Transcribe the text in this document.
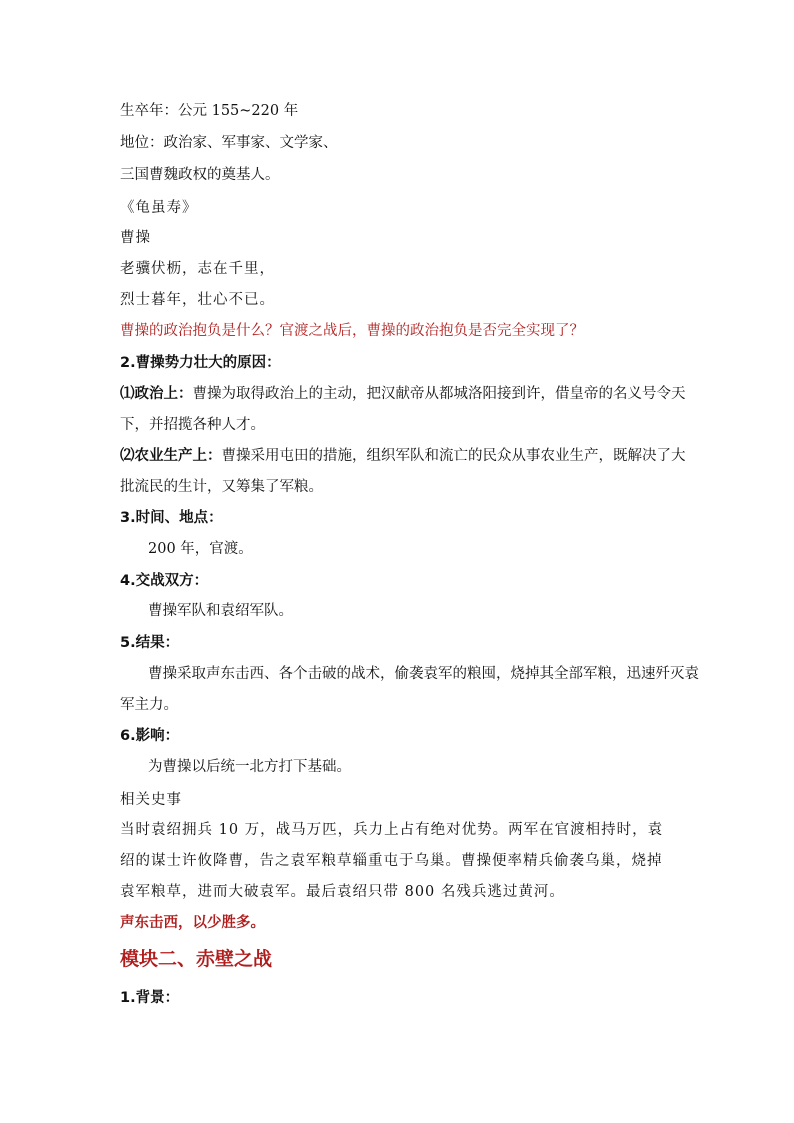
生卒年：公元 155~220 年

地位：政治家、军事家、文学家、

三国曹魏政权的奠基人。

《龟虽寿》

曹操

老骥伏枥，志在千里，

烈士暮年，壮心不已。

曹操的政治抱负是什么？官渡之战后，曹操的政治抱负是否完全实现了？

2.曹操势力壮大的原因：

⑴政治上：曹操为取得政治上的主动，把汉献帝从都城洛阳接到许，借皇帝的名义号令天

下，并招揽各种人才。

⑵农业生产上：曹操采用屯田的措施，组织军队和流亡的民众从事农业生产，既解决了大

批流民的生计，又筹集了军粮。

3.时间、地点：

200 年，官渡。

4.交战双方：

曹操军队和袁绍军队。

5.结果：

曹操采取声东击西、各个击破的战术，偷袭袁军的粮囤，烧掉其全部军粮，迅速歼灭袁

军主力。

6.影响：

为曹操以后统一北方打下基础。

相关史事

当时袁绍拥兵 10 万，战马万匹，兵力上占有绝对优势。两军在官渡相持时，袁

绍的谋士许攸降曹，告之袁军粮草辎重屯于乌巢。曹操便率精兵偷袭乌巢，烧掉

袁军粮草，进而大破袁军。最后袁绍只带 800 名残兵逃过黄河。

声东击西，以少胜多。

模块二、赤壁之战

1.背景：
